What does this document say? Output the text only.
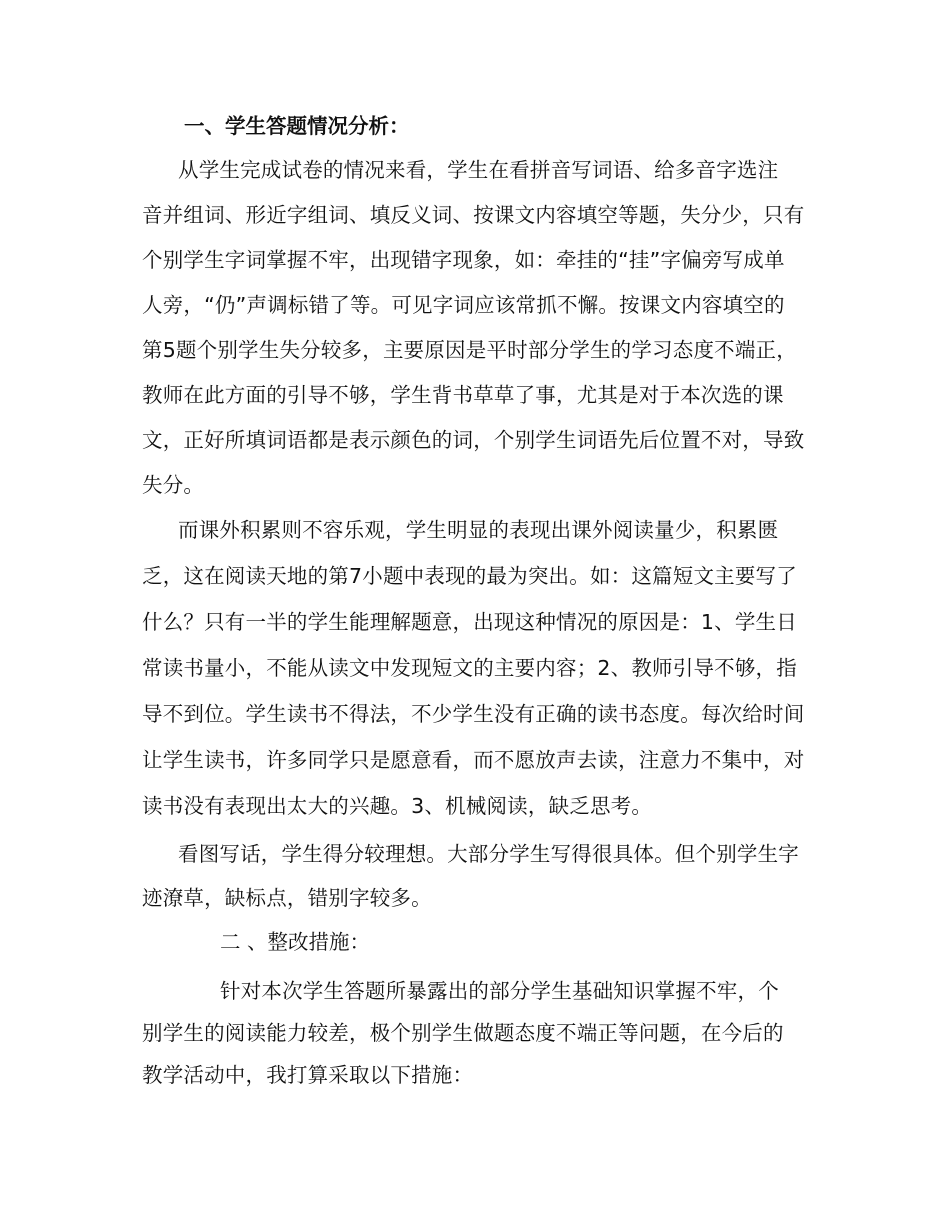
一、学生答题情况分析：
从学生完成试卷的情况来看，学生在看拼音写词语、给多音字选注
音并组词、形近字组词、填反义词、按课文内容填空等题，失分少，只有
个别学生字词掌握不牢，出现错字现象，如：牵挂的“挂”字偏旁写成单
人旁，“仍”声调标错了等。可见字词应该常抓不懈。按课文内容填空的
第5题个别学生失分较多，主要原因是平时部分学生的学习态度不端正，
教师在此方面的引导不够，学生背书草草了事，尤其是对于本次选的课
文，正好所填词语都是表示颜色的词，个别学生词语先后位置不对，导致
失分。
而课外积累则不容乐观，学生明显的表现出课外阅读量少，积累匮
乏，这在阅读天地的第7小题中表现的最为突出。如：这篇短文主要写了
什么？只有一半的学生能理解题意，出现这种情况的原因是：1、学生日
常读书量小，不能从读文中发现短文的主要内容；2、教师引导不够，指
导不到位。学生读书不得法，不少学生没有正确的读书态度。每次给时间
让学生读书，许多同学只是愿意看，而不愿放声去读，注意力不集中，对
读书没有表现出太大的兴趣。3、机械阅读，缺乏思考。
看图写话，学生得分较理想。大部分学生写得很具体。但个别学生字
迹潦草，缺标点，错别字较多。
二 、整改措施：
针对本次学生答题所暴露出的部分学生基础知识掌握不牢，个
别学生的阅读能力较差，极个别学生做题态度不端正等问题，在今后的
教学活动中，我打算采取以下措施：
